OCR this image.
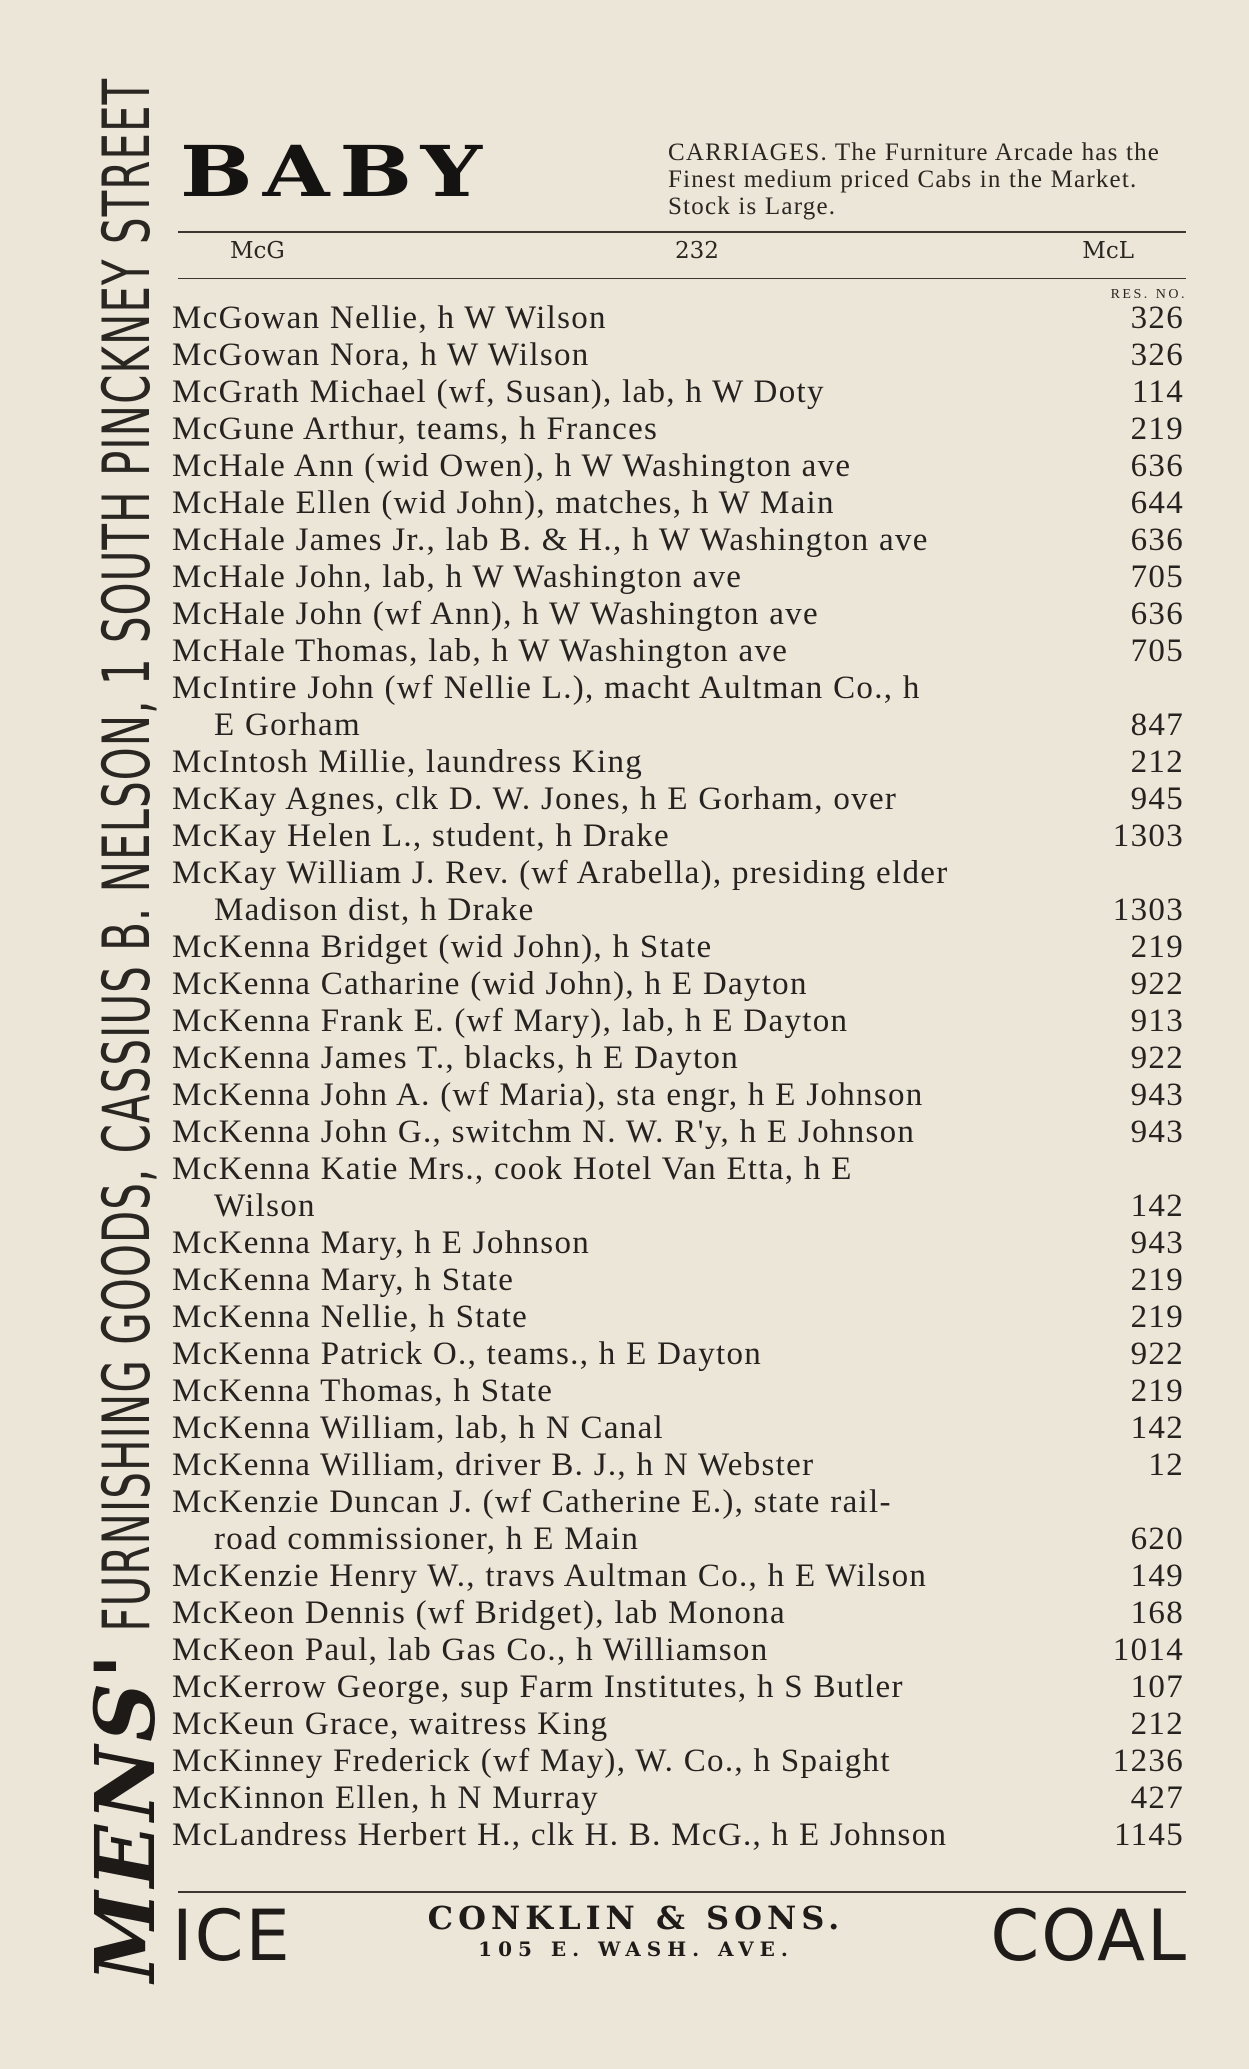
MENS'
FURNISHING GOODS, CASSIUS B. NELSON, 1 SOUTH PINCKNEY STREET BABY	CARRIAGES. The Furniture Arcade has the Finest medium priced Cabs in the Market. Stock is Large.
McG	232	McL
RES. NO.
McGowan Nellie, h W Wilson	326
McGowan Nora, h W Wilson	326
McGrath Michael (wf, Susan), lab, h W Doty	114
McGune Arthur, teams, h Frances	219
McHale Ann (wid Owen), h W Washington ave	636
McHale Ellen (wid John), matches, h W Main	644
McHale James Jr., lab B. & H., h W Washington ave	636
McHale John, lab, h W Washington ave	705
McHale John (wf Ann), h W Washington ave	636
McHale Thomas, lab, h W Washington ave	705
McIntire John (wf Nellie L.), macht Aultman Co., h
E Gorham	847
McIntosh Millie, laundress King	212
McKay Agnes, clk D. W. Jones, h E Gorham, over	945
McKay Helen L., student, h Drake	1303
McKay William J. Rev. (wf Arabella), presiding elder
Madison dist, h Drake	1303
McKenna Bridget (wid John), h State	219
McKenna Catharine (wid John), h E Dayton	922
McKenna Frank E. (wf Mary), lab, h E Dayton	913
McKenna James T., blacks, h E Dayton	922
McKenna John A. (wf Maria), sta engr, h E Johnson	943
McKenna John G., switchm N. W. R'y, h E Johnson	943
McKenna Katie Mrs., cook Hotel Van Etta, h E
Wilson	142
McKenna Mary, h E Johnson	943
McKenna Mary, h State	219
McKenna Nellie, h State	219
McKenna Patrick O., teams., h E Dayton	922
McKenna Thomas, h State	219
McKenna William, lab, h N Canal	142
McKenna William, driver B. J., h N Webster	12
McKenzie Duncan J. (wf Catherine E.), state rail-
road commissioner, h E Main	620
McKenzie Henry W., travs Aultman Co., h E Wilson	149
McKeon Dennis (wf Bridget), lab Monona	168
McKeon Paul, lab Gas Co., h Williamson	1014
McKerrow George, sup Farm Institutes, h S Butler	107
McKeun Grace, waitress King	212
McKinney Frederick (wf May), W. Co., h Spaight	1236
McKinnon Ellen, h N Murray	427
McLandress Herbert H., clk H. B. McG., h E Johnson	1145
ICE	CONKLIN & SONS.
105 E. WASH. AVE.	COAL
